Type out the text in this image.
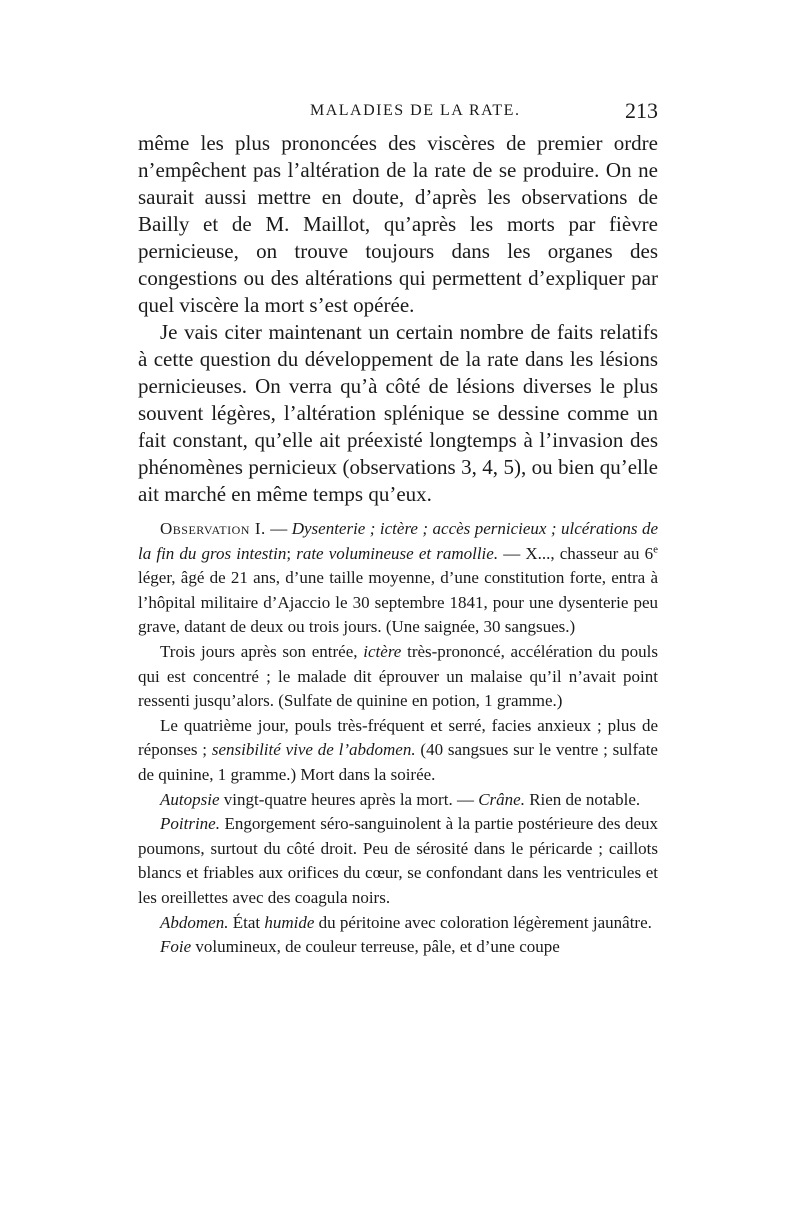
MALADIES DE LA RATE.	213

même les plus prononcées des viscères de premier ordre n’empêchent pas l’altération de la rate de se produire. On ne saurait aussi mettre en doute, d’après les observations de Bailly et de M. Maillot, qu’après les morts par fièvre pernicieuse, on trouve toujours dans les organes des congestions ou des altérations qui permettent d’expliquer par quel viscère la mort s’est opérée.

Je vais citer maintenant un certain nombre de faits relatifs à cette question du développement de la rate dans les lésions pernicieuses. On verra qu’à côté de lésions diverses le plus souvent légères, l’altération splénique se dessine comme un fait constant, qu’elle ait préexisté longtemps à l’invasion des phénomènes pernicieux (observations 3, 4, 5), ou bien qu’elle ait marché en même temps qu’eux.

Observation I. — Dysenterie ; ictère ; accès pernicieux ; ulcérations de la fin du gros intestin; rate volumineuse et ramollie. — X..., chasseur au 6e léger, âgé de 21 ans, d’une taille moyenne, d’une constitution forte, entra à l’hôpital militaire d’Ajaccio le 30 septembre 1841, pour une dysenterie peu grave, datant de deux ou trois jours. (Une saignée, 30 sangsues.)

Trois jours après son entrée, ictère très-prononcé, accélération du pouls qui est concentré ; le malade dit éprouver un malaise qu’il n’avait point ressenti jusqu’alors. (Sulfate de quinine en potion, 1 gramme.)

Le quatrième jour, pouls très-fréquent et serré, facies anxieux ; plus de réponses ; sensibilité vive de l’abdomen. (40 sangsues sur le ventre ; sulfate de quinine, 1 gramme.) Mort dans la soirée.

Autopsie vingt-quatre heures après la mort. — Crâne. Rien de notable.

Poitrine. Engorgement séro-sanguinolent à la partie postérieure des deux poumons, surtout du côté droit. Peu de sérosité dans le péricarde ; caillots blancs et friables aux orifices du cœur, se confondant dans les ventricules et les oreillettes avec des coagula noirs.

Abdomen. État humide du péritoine avec coloration légèrement jaunâtre.

Foie volumineux, de couleur terreuse, pâle, et d’une coupe
